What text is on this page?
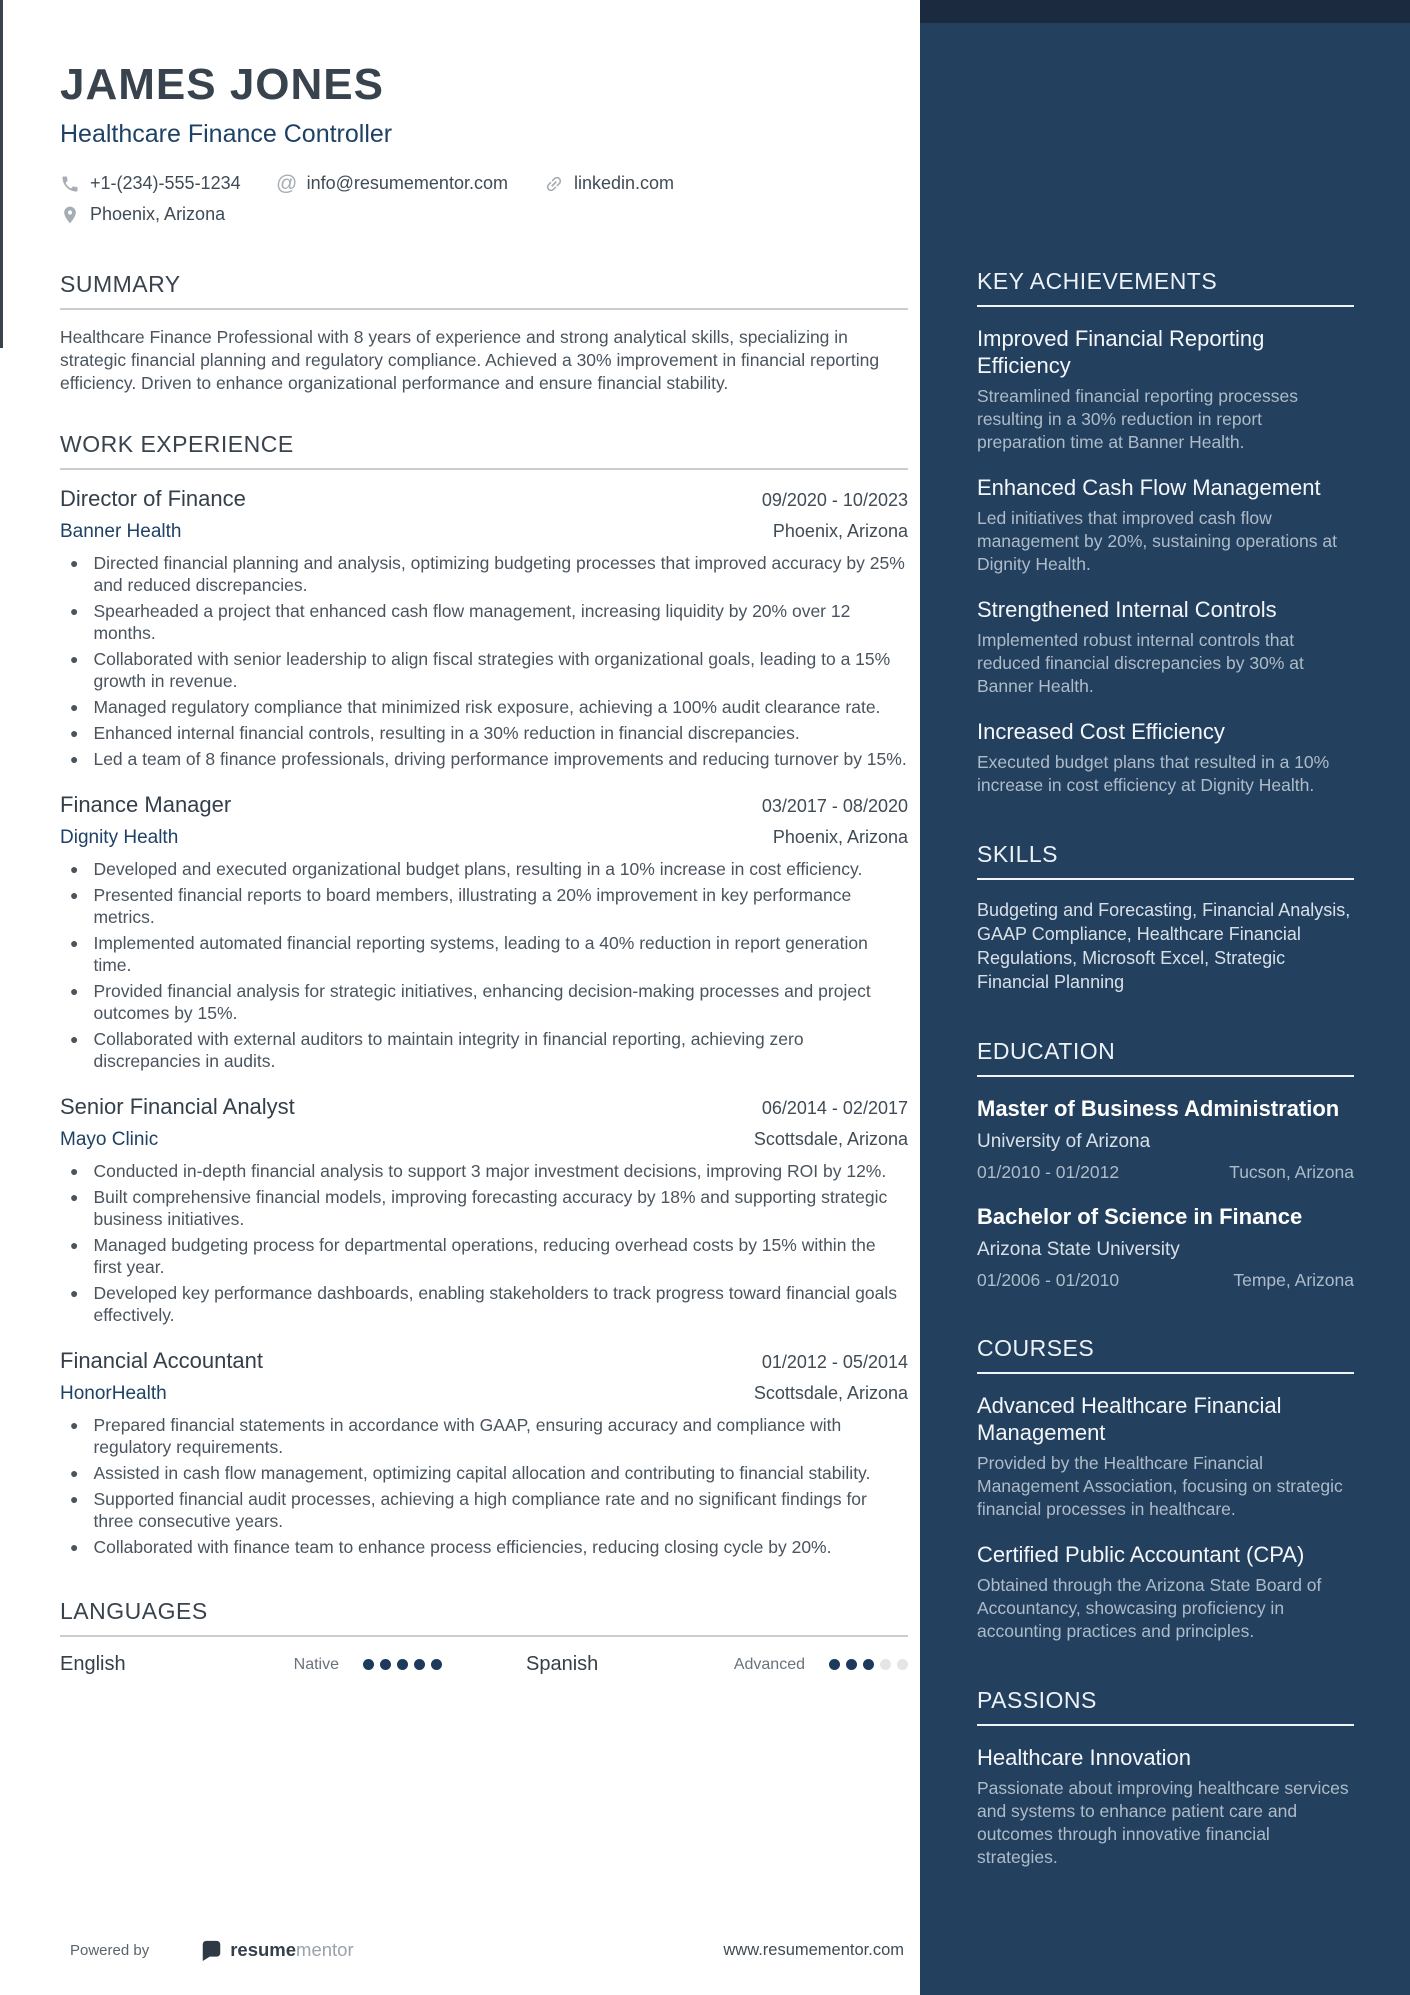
JAMES JONES
Healthcare Finance Controller
+1-(234)-555-1234 @ info@resumementor.com	linkedin.com
Phoenix, Arizona
SUMMARY

Healthcare Finance Professional with 8 years of experience and strong analytical skills, specializing in strategic financial planning and regulatory compliance. Achieved a 30% improvement in financial reporting efficiency. Driven to enhance organizational performance and ensure financial stability.

WORK EXPERIENCE
Director of Finance	09/2020 - 10/2023
Banner Health	Phoenix, Arizona
● Directed financial planning and analysis, optimizing budgeting processes that improved accuracy by 25% and reduced discrepancies.
● Spearheaded a project that enhanced cash flow management, increasing liquidity by 20% over 12 months.
● Collaborated with senior leadership to align fiscal strategies with organizational goals, leading to a 15% growth in revenue.
● Managed regulatory compliance that minimized risk exposure, achieving a 100% audit clearance rate.
● Enhanced internal financial controls, resulting in a 30% reduction in financial discrepancies.
● Led a team of 8 finance professionals, driving performance improvements and reducing turnover by 15%.
Finance Manager	03/2017 - 08/2020
Dignity Health	Phoenix, Arizona
● Developed and executed organizational budget plans, resulting in a 10% increase in cost efficiency.
● Presented financial reports to board members, illustrating a 20% improvement in key performance metrics.
● Implemented automated financial reporting systems, leading to a 40% reduction in report generation time.
● Provided financial analysis for strategic initiatives, enhancing decision-making processes and project outcomes by 15%.
● Collaborated with external auditors to maintain integrity in financial reporting, achieving zero discrepancies in audits.
Senior Financial Analyst	06/2014 - 02/2017
Mayo Clinic	Scottsdale, Arizona
● Conducted in-depth financial analysis to support 3 major investment decisions, improving ROI by 12%.
● Built comprehensive financial models, improving forecasting accuracy by 18% and supporting strategic business initiatives.
● Managed budgeting process for departmental operations, reducing overhead costs by 15% within the first year.
● Developed key performance dashboards, enabling stakeholders to track progress toward financial goals effectively.
Financial Accountant	01/2012 - 05/2014
HonorHealth	Scottsdale, Arizona
● Prepared financial statements in accordance with GAAP, ensuring accuracy and compliance with regulatory requirements.
● Assisted in cash flow management, optimizing capital allocation and contributing to financial stability.
● Supported financial audit processes, achieving a high compliance rate and no significant findings for three consecutive years.
● Collaborated with finance team to enhance process efficiencies, reducing closing cycle by 20%.
LANGUAGES
English	Native	Spanish	Advanced
Powered by	resumementor	www.resumementor.com
KEY ACHIEVEMENTS
Improved Financial Reporting Efficiency

Streamlined financial reporting processes resulting in a 30% reduction in report preparation time at Banner Health.

Enhanced Cash Flow Management

Led initiatives that improved cash flow management by 20%, sustaining operations at Dignity Health.

Strengthened Internal Controls

Implemented robust internal controls that reduced financial discrepancies by 30% at Banner Health.

Increased Cost Efficiency

Executed budget plans that resulted in a 10% increase in cost efficiency at Dignity Health.

SKILLS

Budgeting and Forecasting, Financial Analysis, GAAP Compliance, Healthcare Financial Regulations, Microsoft Excel, Strategic Financial Planning

EDUCATION
Master of Business Administration
University of Arizona
01/2010 - 01/2012	Tucson, Arizona
Bachelor of Science in Finance
Arizona State University
01/2006 - 01/2010	Tempe, Arizona
COURSES
Advanced Healthcare Financial Management

Provided by the Healthcare Financial Management Association, focusing on strategic financial processes in healthcare.

Certified Public Accountant (CPA)

Obtained through the Arizona State Board of Accountancy, showcasing proficiency in accounting practices and principles.

PASSIONS
Healthcare Innovation

Passionate about improving healthcare services and systems to enhance patient care and outcomes through innovative financial strategies.
